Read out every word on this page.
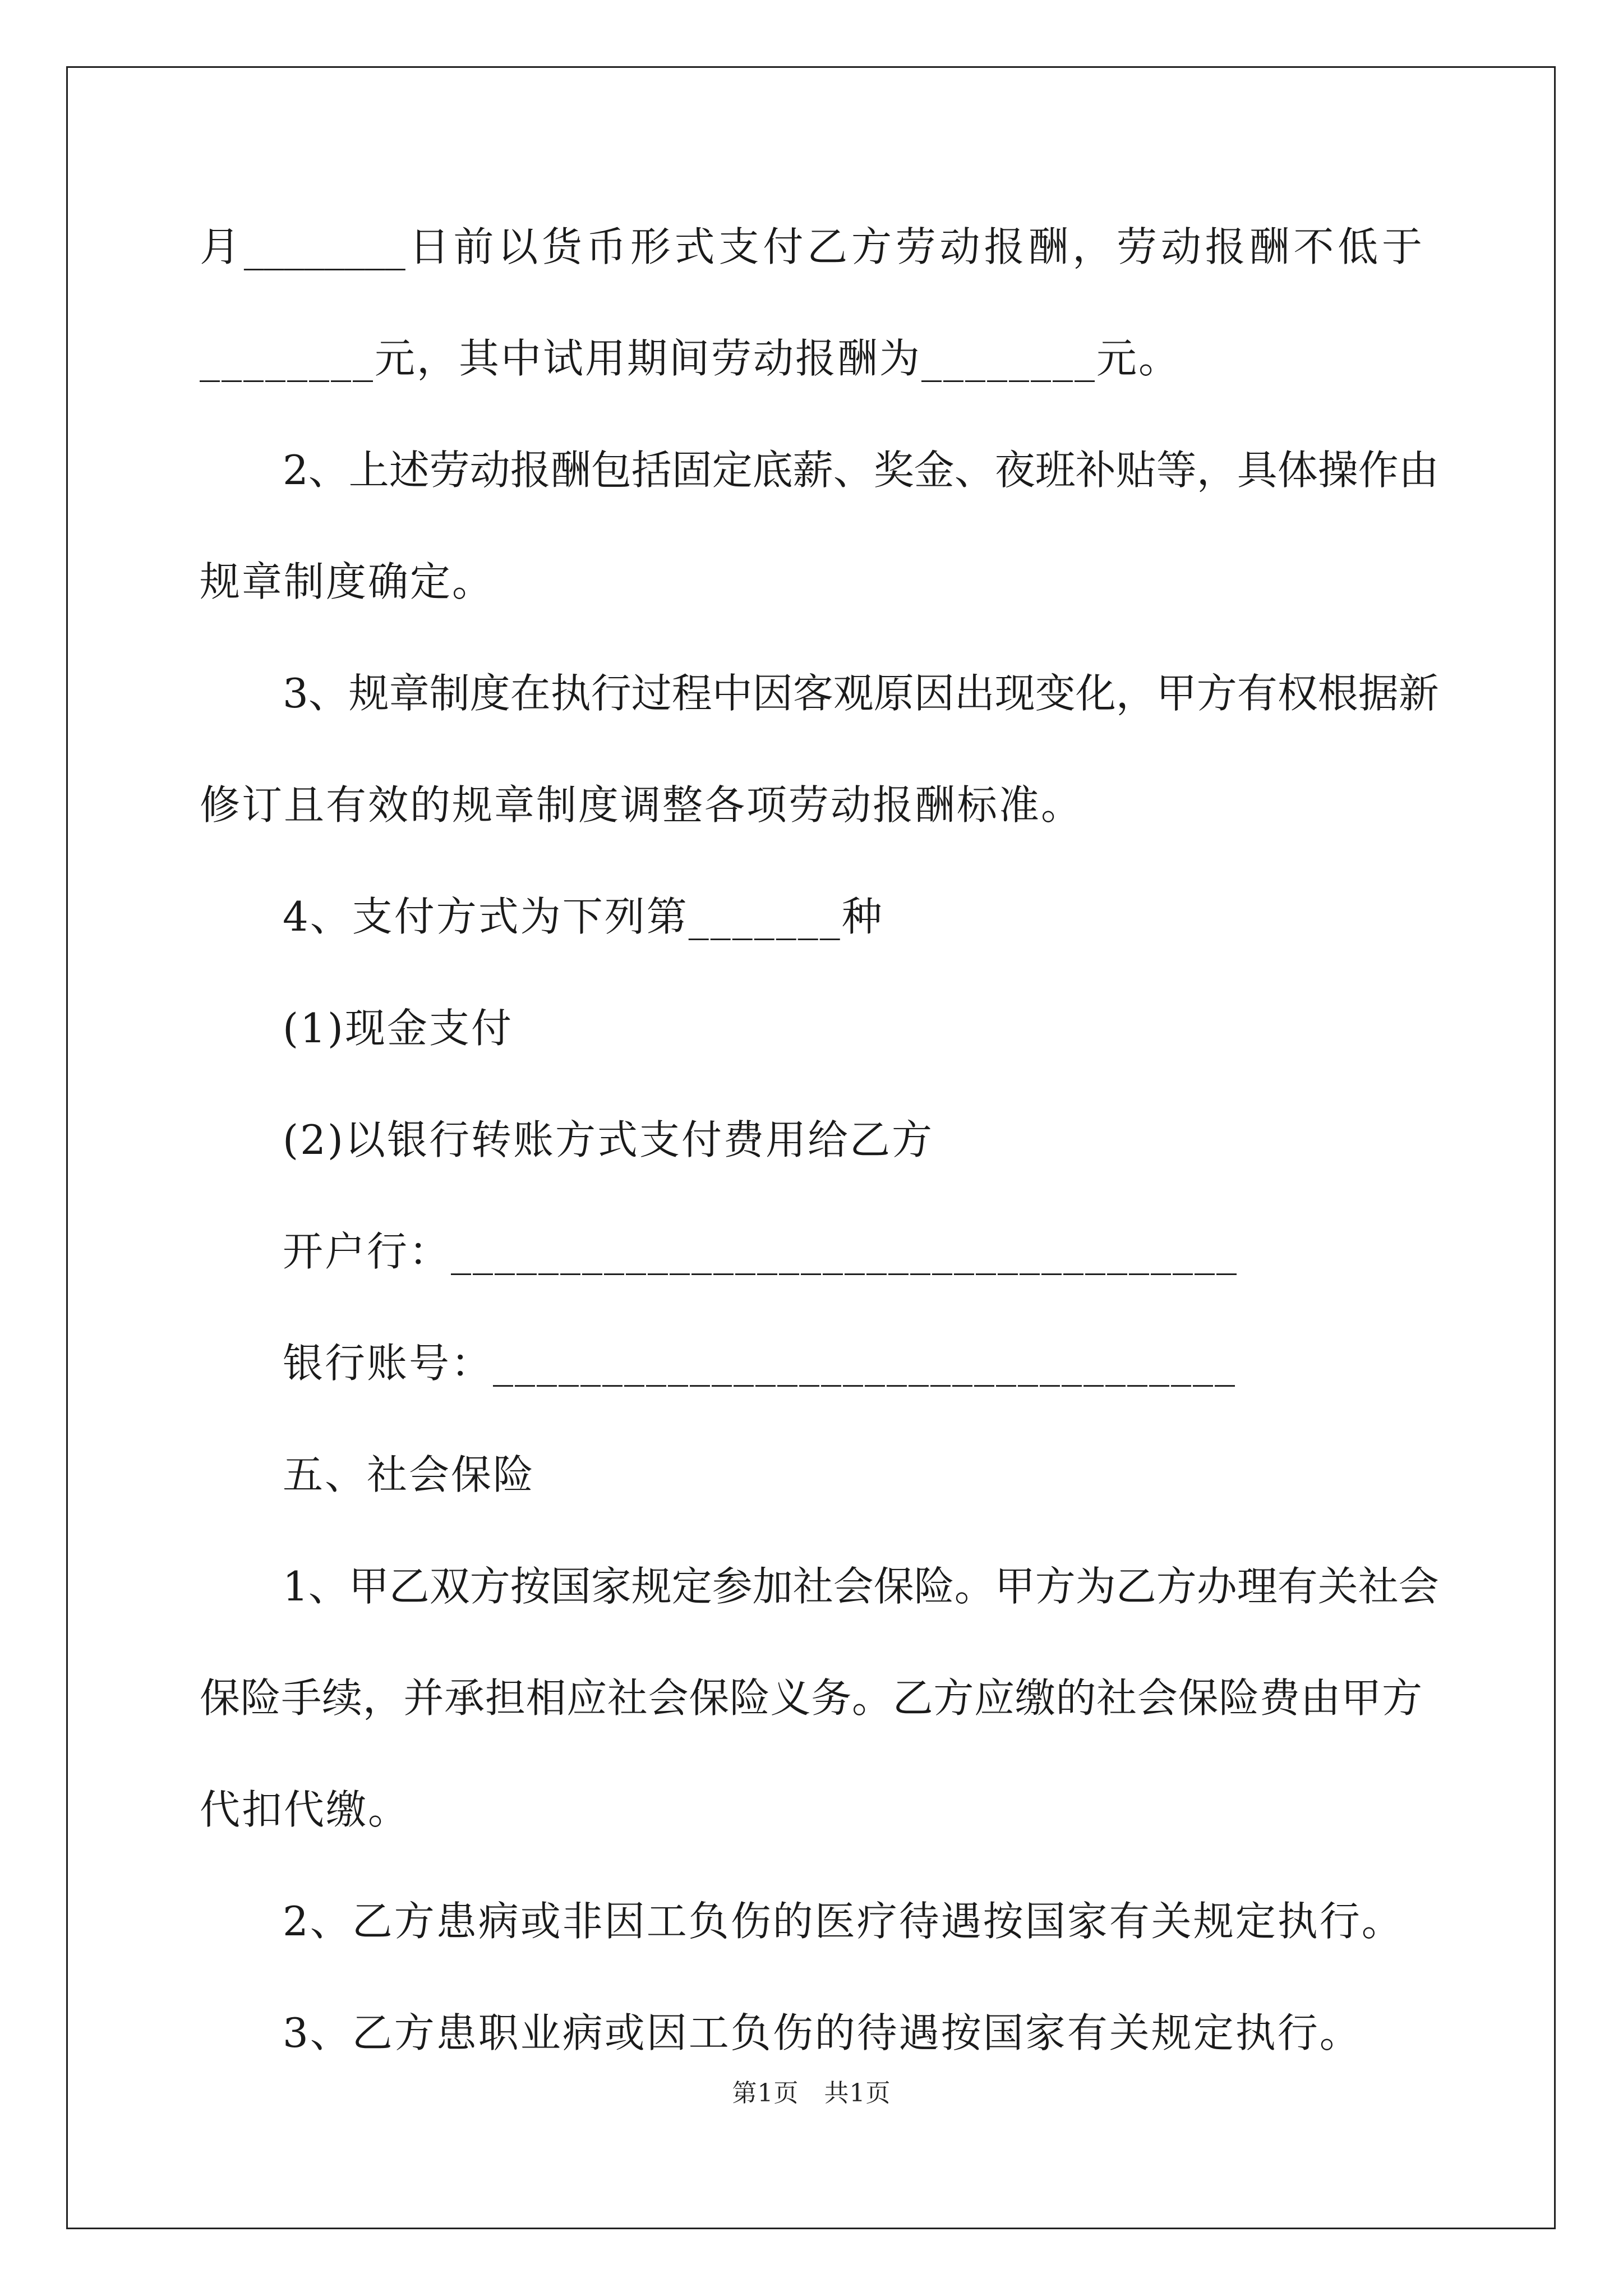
月________日前以货币形式支付乙方劳动报酬，劳动报酬不低于
________元，其中试用期间劳动报酬为________元。
2、上述劳动报酬包括固定底薪、奖金、夜班补贴等，具体操作由
规章制度确定。
3、规章制度在执行过程中因客观原因出现变化，甲方有权根据新
修订且有效的规章制度调整各项劳动报酬标准。
4、支付方式为下列第_______种
(1)现金支付
(2)以银行转账方式支付费用给乙方
开户行：____________________________________
银行账号：__________________________________
五、社会保险
1、甲乙双方按国家规定参加社会保险。甲方为乙方办理有关社会
保险手续，并承担相应社会保险义务。乙方应缴的社会保险费由甲方
代扣代缴。
2、乙方患病或非因工负伤的医疗待遇按国家有关规定执行。
3、乙方患职业病或因工负伤的待遇按国家有关规定执行。
第1页　共1页
